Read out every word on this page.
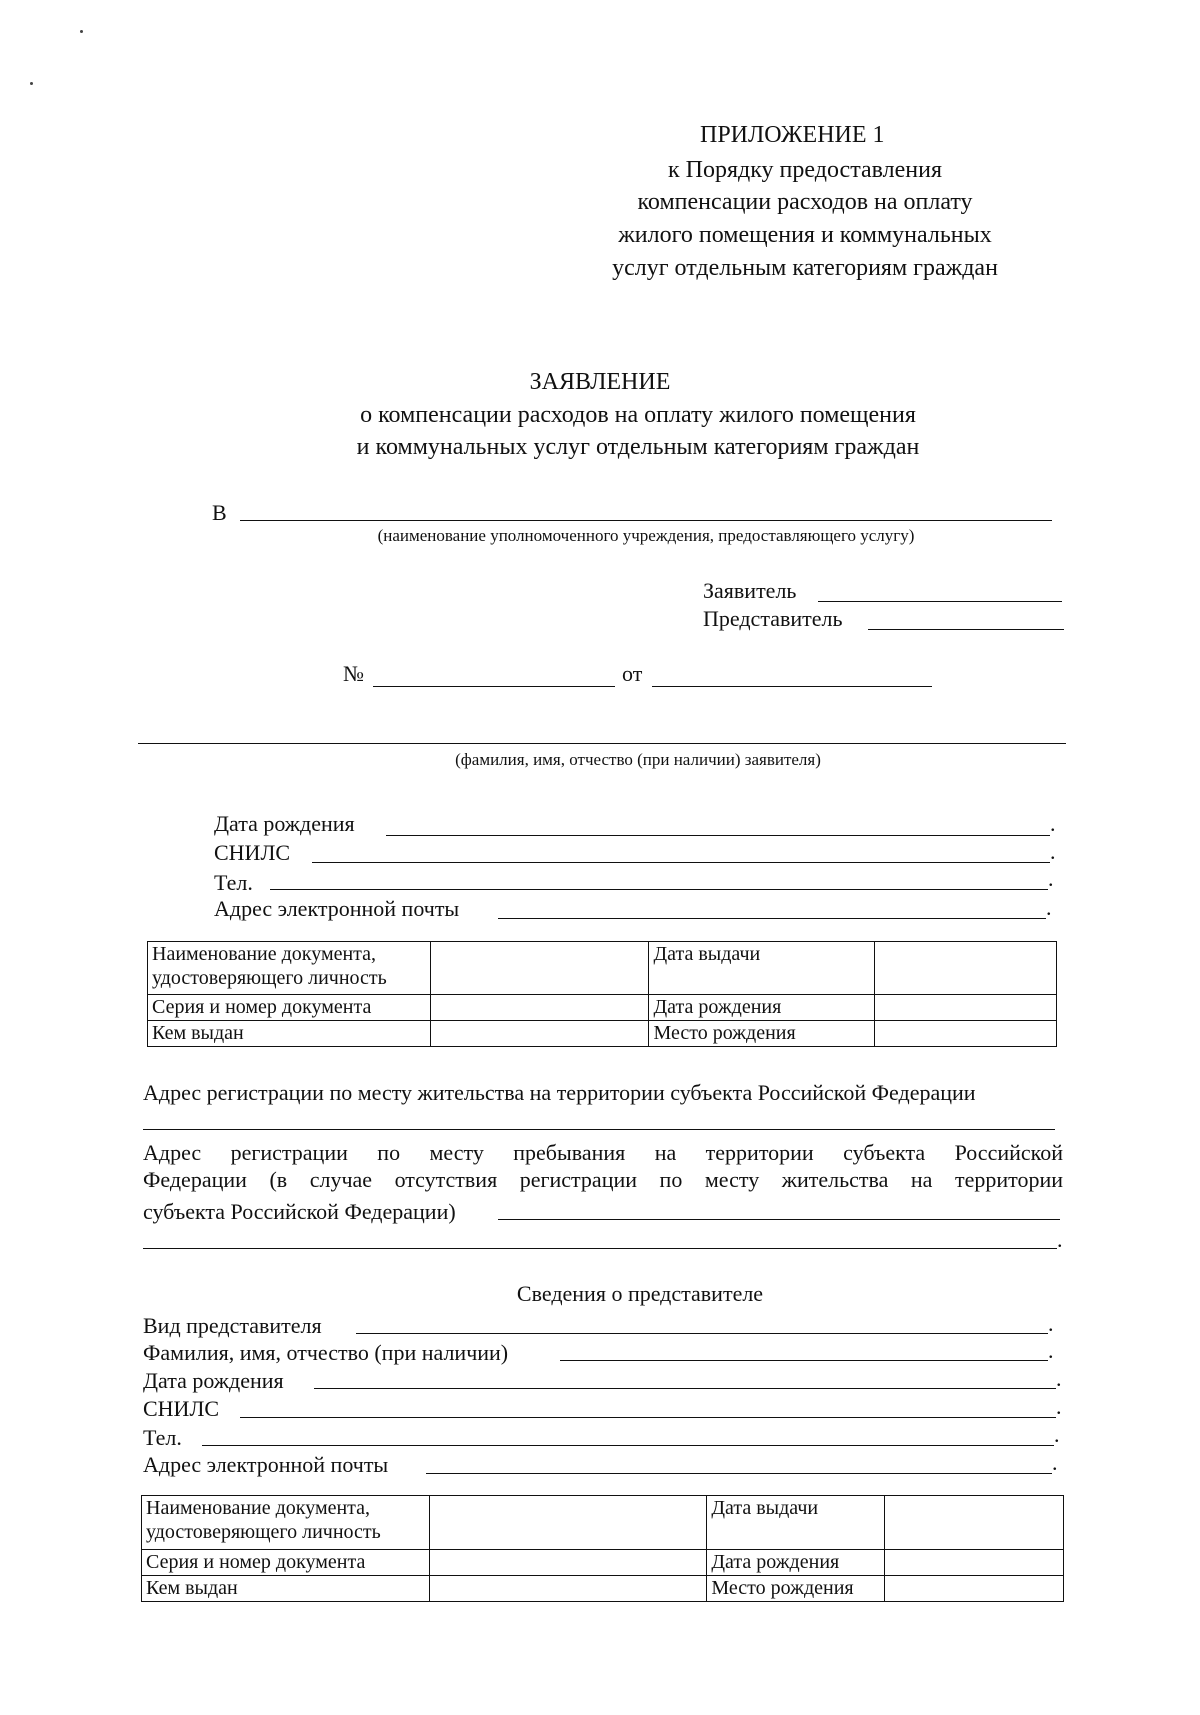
ПРИЛОЖЕНИЕ 1
к Порядку предоставления
компенсации расходов на оплату
жилого помещения и коммунальных
услуг отдельным категориям граждан
ЗАЯВЛЕНИЕ
о компенсации расходов на оплату жилого помещения
и коммунальных услуг отдельным категориям граждан
В
(наименование уполномоченного учреждения, предоставляющего услугу)
Заявитель
Представитель
№	от
(фамилия, имя, отчество (при наличии) заявителя)
Дата рождения	.
СНИЛС	.
Тел.	.
Адрес электронной почты	.
Наименование документа,
удостоверяющего личность		Дата выдачи	
Серия и номер документа		Дата рождения	
Кем выдан		Место рождения	
Адрес регистрации по месту жительства на территории субъекта Российской Федерации
Адрес регистрации по месту пребывания на территории субъекта Российской
Федерации (в случае отсутствия регистрации по месту жительства на территории
субъекта Российской Федерации)
.
Сведения о представителе
Вид представителя	.
Фамилия, имя, отчество (при наличии)	.
Дата рождения	.
СНИЛС	.
Тел.	.
Адрес электронной почты	.
Наименование документа,
удостоверяющего личность		Дата выдачи	
Серия и номер документа		Дата рождения	
Кем выдан		Место рождения	
